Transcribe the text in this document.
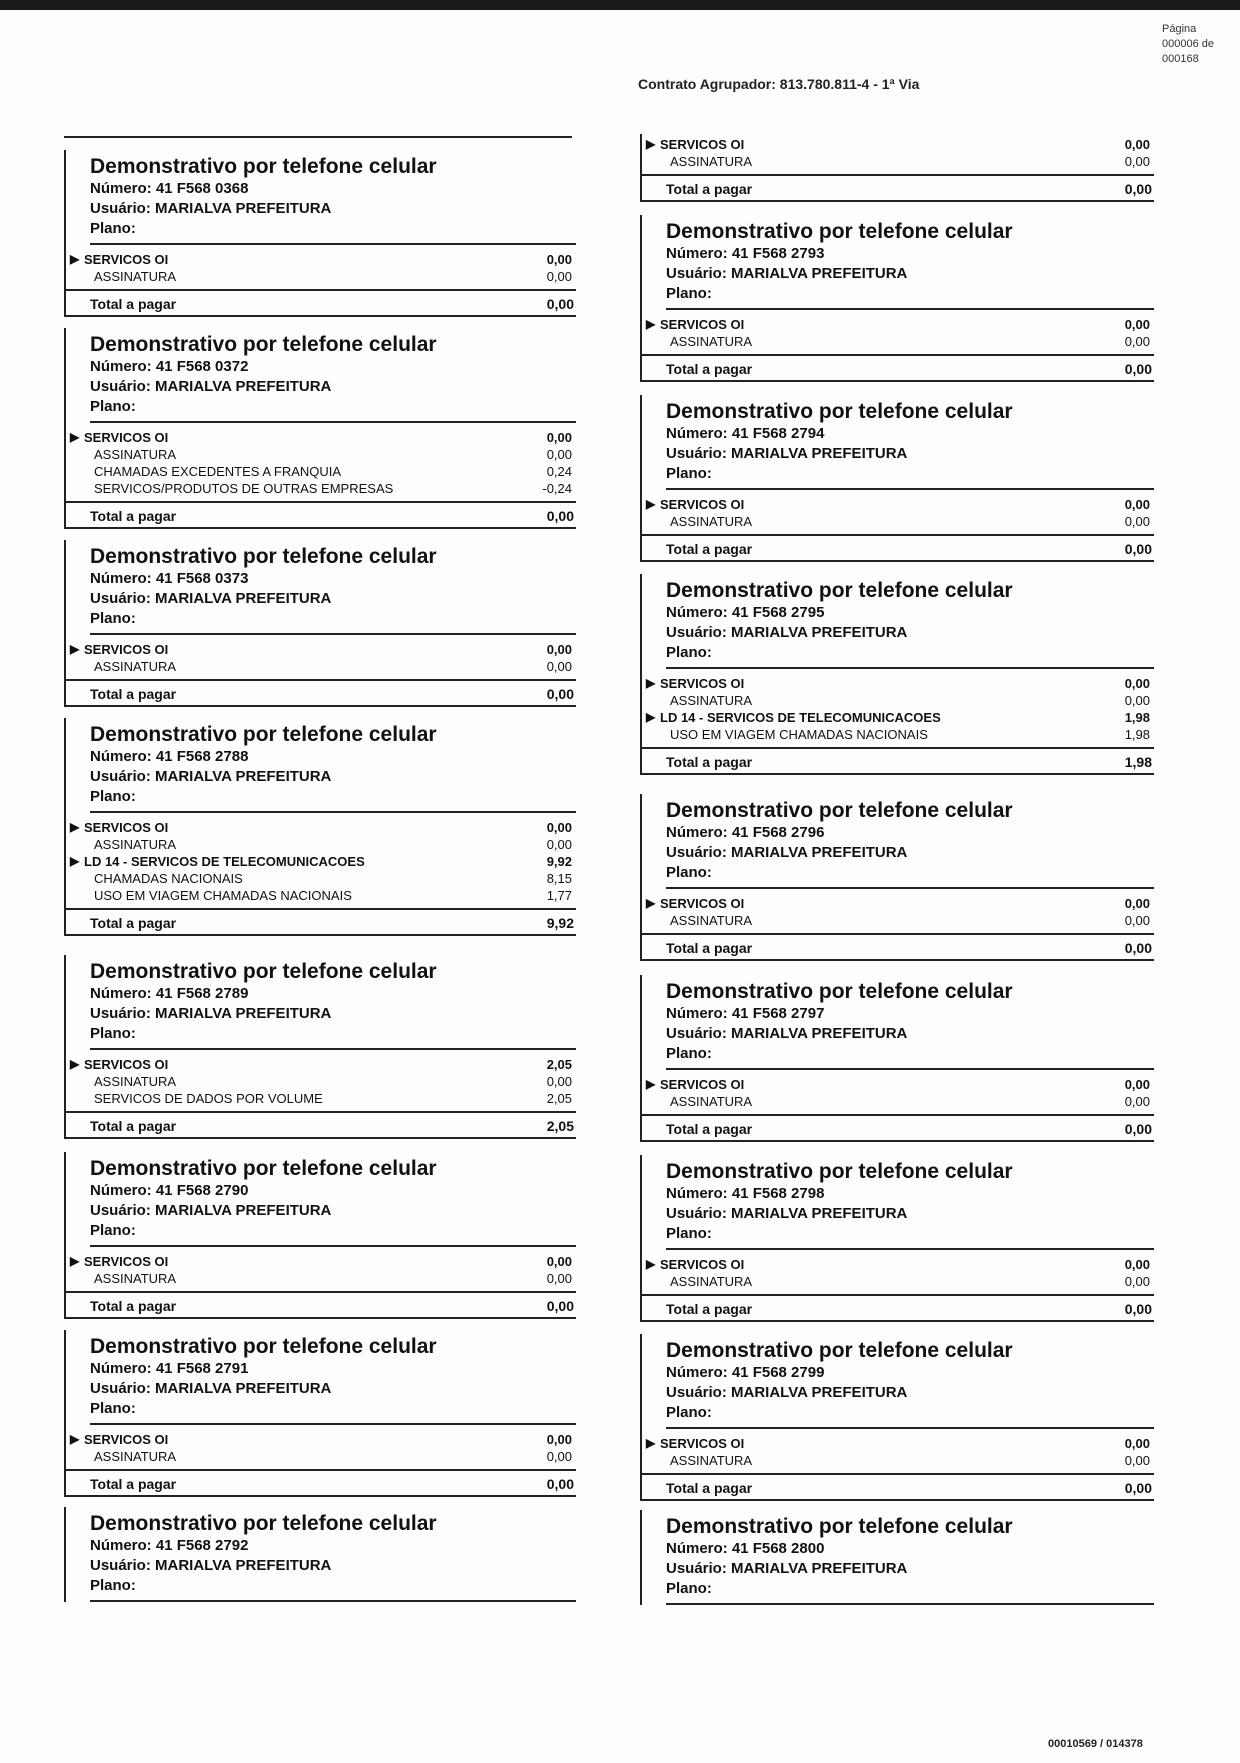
Página
000006 de
000168
Contrato Agrupador: 813.780.811-4 - 1ª Via
Demonstrativo por telefone celular
Número: 41 F568 0368
Usuário: MARIALVA PREFEITURA
Plano:
▶ SERVICOS OI	0,00
ASSINATURA	0,00
Total a pagar	0,00
Demonstrativo por telefone celular
Número: 41 F568 0372
Usuário: MARIALVA PREFEITURA
Plano:
▶ SERVICOS OI	0,00
ASSINATURA	0,00
CHAMADAS EXCEDENTES A FRANQUIA	0,24
SERVICOS/PRODUTOS DE OUTRAS EMPRESAS	-0,24
Total a pagar	0,00
Demonstrativo por telefone celular
Número: 41 F568 0373
Usuário: MARIALVA PREFEITURA
Plano:
▶ SERVICOS OI	0,00
ASSINATURA	0,00
Total a pagar	0,00
Demonstrativo por telefone celular
Número: 41 F568 2788
Usuário: MARIALVA PREFEITURA
Plano:
▶ SERVICOS OI	0,00
ASSINATURA	0,00
▶ LD 14 - SERVICOS DE TELECOMUNICACOES	9,92
CHAMADAS NACIONAIS	8,15
USO EM VIAGEM CHAMADAS NACIONAIS	1,77
Total a pagar	9,92
Demonstrativo por telefone celular
Número: 41 F568 2789
Usuário: MARIALVA PREFEITURA
Plano:
▶ SERVICOS OI	2,05
ASSINATURA	0,00
SERVICOS DE DADOS POR VOLUME	2,05
Total a pagar	2,05
Demonstrativo por telefone celular
Número: 41 F568 2790
Usuário: MARIALVA PREFEITURA
Plano:
▶ SERVICOS OI	0,00
ASSINATURA	0,00
Total a pagar	0,00
Demonstrativo por telefone celular
Número: 41 F568 2791
Usuário: MARIALVA PREFEITURA
Plano:
▶ SERVICOS OI	0,00
ASSINATURA	0,00
Total a pagar	0,00
Demonstrativo por telefone celular
Número: 41 F568 2792
Usuário: MARIALVA PREFEITURA
Plano:
▶ SERVICOS OI	0,00
ASSINATURA	0,00
Total a pagar	0,00
Demonstrativo por telefone celular
Número: 41 F568 2793
Usuário: MARIALVA PREFEITURA
Plano:
▶ SERVICOS OI	0,00
ASSINATURA	0,00
Total a pagar	0,00
Demonstrativo por telefone celular
Número: 41 F568 2794
Usuário: MARIALVA PREFEITURA
Plano:
▶ SERVICOS OI	0,00
ASSINATURA	0,00
Total a pagar	0,00
Demonstrativo por telefone celular
Número: 41 F568 2795
Usuário: MARIALVA PREFEITURA
Plano:
▶ SERVICOS OI	0,00
ASSINATURA	0,00
▶ LD 14 - SERVICOS DE TELECOMUNICACOES	1,98
USO EM VIAGEM CHAMADAS NACIONAIS	1,98
Total a pagar	1,98
Demonstrativo por telefone celular
Número: 41 F568 2796
Usuário: MARIALVA PREFEITURA
Plano:
▶ SERVICOS OI	0,00
ASSINATURA	0,00
Total a pagar	0,00
Demonstrativo por telefone celular
Número: 41 F568 2797
Usuário: MARIALVA PREFEITURA
Plano:
▶ SERVICOS OI	0,00
ASSINATURA	0,00
Total a pagar	0,00
Demonstrativo por telefone celular
Número: 41 F568 2798
Usuário: MARIALVA PREFEITURA
Plano:
▶ SERVICOS OI	0,00
ASSINATURA	0,00
Total a pagar	0,00
Demonstrativo por telefone celular
Número: 41 F568 2799
Usuário: MARIALVA PREFEITURA
Plano:
▶ SERVICOS OI	0,00
ASSINATURA	0,00
Total a pagar	0,00
Demonstrativo por telefone celular
Número: 41 F568 2800
Usuário: MARIALVA PREFEITURA
Plano:
00010569 / 014378
